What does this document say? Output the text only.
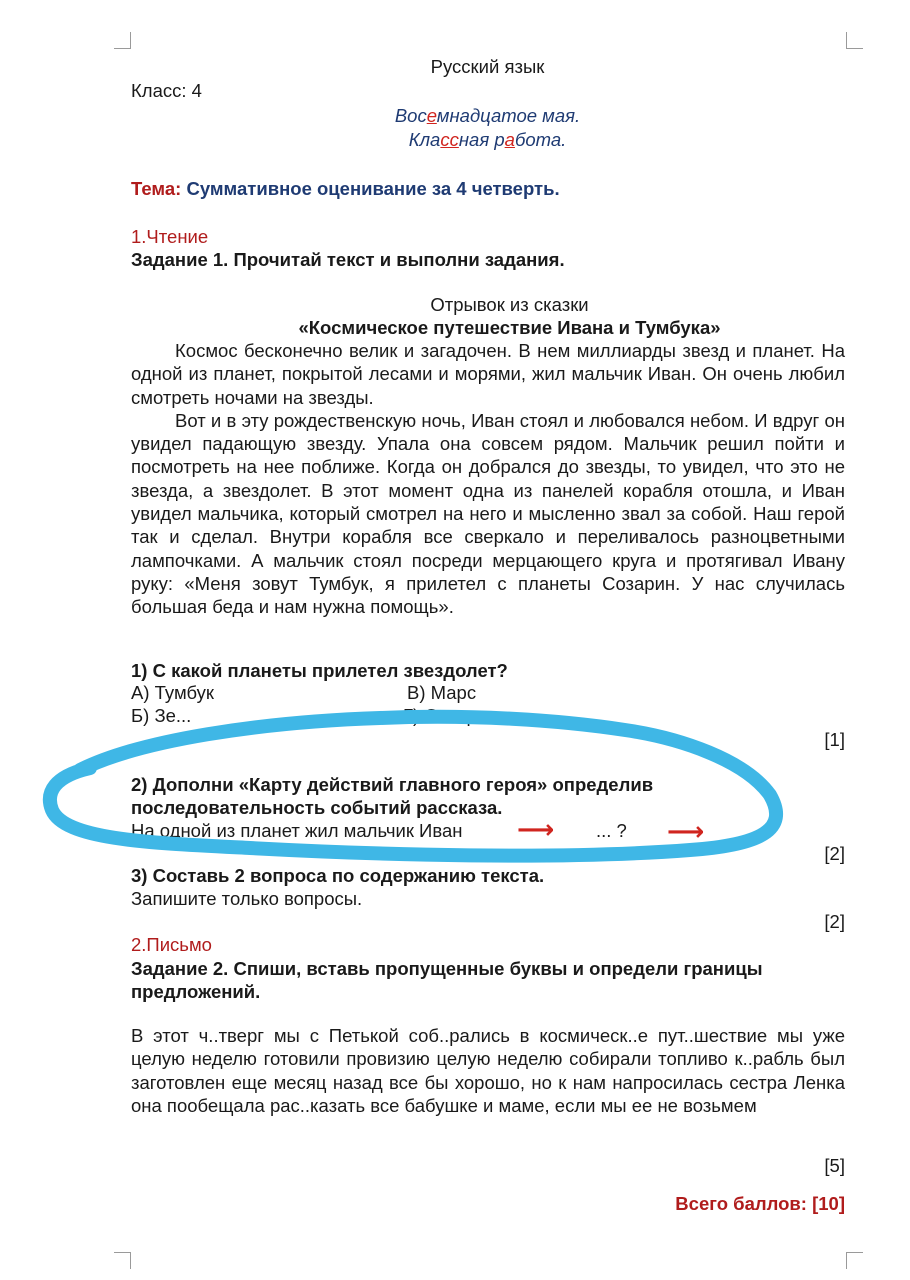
Русский язык
Класс: 4
Восемнадцатое мая.
Классная работа.
Тема: Суммативное оценивание за 4 четверть.
1.Чтение
Задание 1. Прочитай текст и выполни задания.
Отрывок из сказки
«Космическое путешествие Ивана и Тумбука»

Космос бесконечно велик и загадочен. В нем миллиарды звезд и планет. На одной из планет, покрытой лесами и морями, жил мальчик Иван. Он очень любил смотреть ночами на звезды.

Вот и в эту рождественскую ночь, Иван стоял и любовался небом. И вдруг он увидел падающую звезду. Упала она совсем рядом. Мальчик решил пойти и посмотреть на нее поближе. Когда он добрался до звезды, то увидел, что это не звезда, а звездолет. В этот момент одна из панелей корабля отошла, и Иван увидел мальчика, который смотрел на него и мысленно звал за собой. Наш герой так и сделал. Внутри корабля все сверкало и переливалось разноцветными лампочками. А мальчик стоял посреди мерцающего круга и протягивал Ивану руку: «Меня зовут Тумбук, я прилетел с планеты Созарин. У нас случилась большая беда и нам нужна помощь».

1) С какой планеты прилетел звездолет?
А) Тумбук	В) Марс
Б) Зе...	Г) Созарин
[1]
2) Дополни «Карту действий главного героя» определив
последовательность событий рассказа.
На одной из планет жил мальчик Иван ⟶ ... ? ⟶
[2]
3) Составь 2 вопроса по содержанию текста.
Запишите только вопросы.
[2]
2.Письмо
Задание 2. Спиши, вставь пропущенные буквы и определи границы
предложений.
В этот ч..тверг мы с Петькой соб..рались в космическ..е пут..шествие мы уже целую неделю готовили провизию целую неделю собирали топливо к..рабль был заготовлен еще месяц назад все бы хорошо, но к нам напросилась сестра Ленка она пообещала рас..казать все бабушке и маме, если мы ее не возьмем
[5]
Всего баллов: [10]
